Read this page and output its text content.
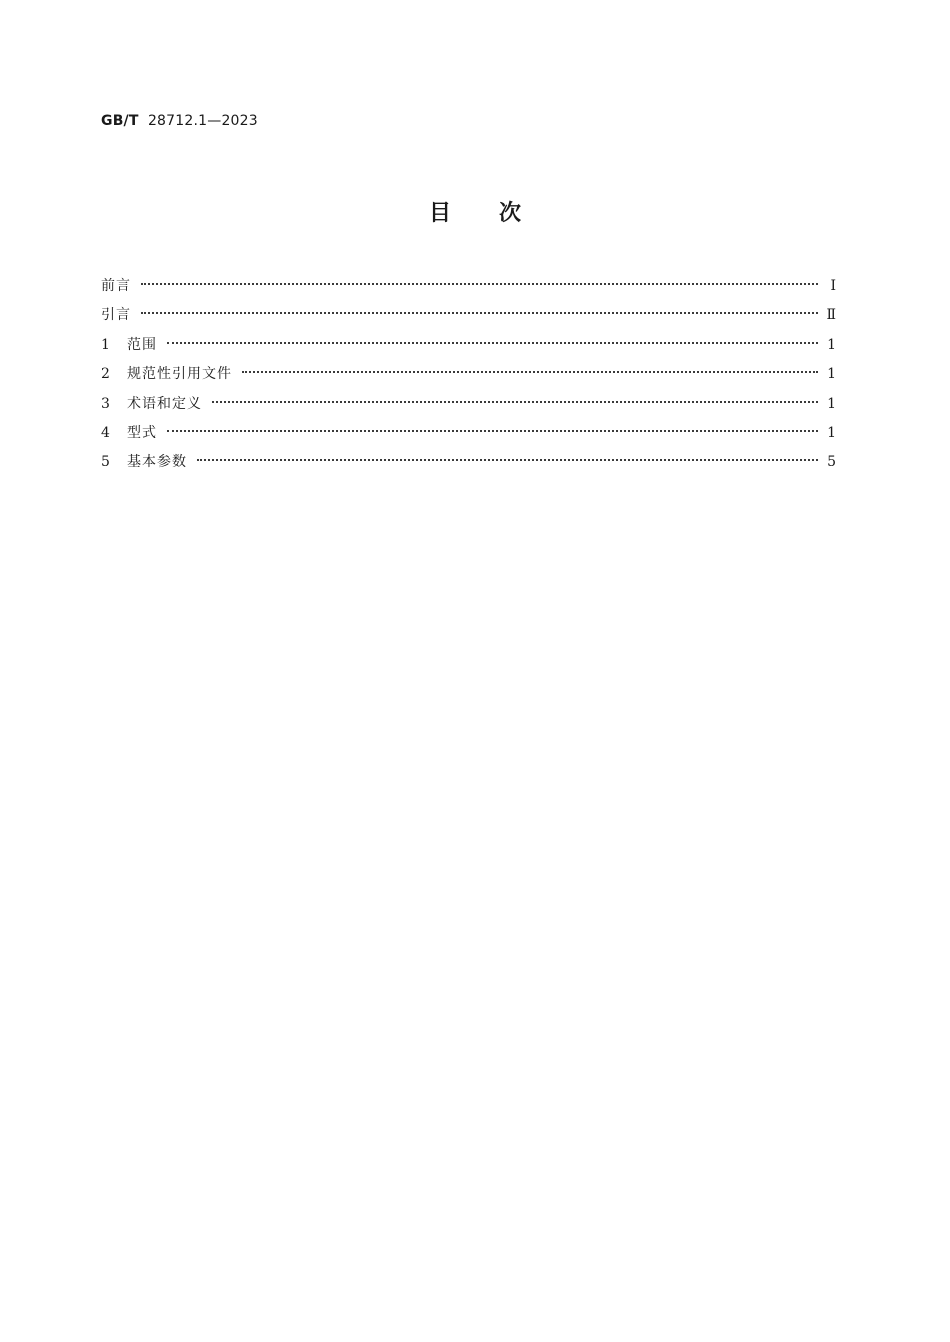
GB/T 28712.1—2023
目次
前言	Ⅰ
引言	Ⅱ
1	范围	1
2	规范性引用文件	1
3	术语和定义	1
4	型式	1
5	基本参数	5
